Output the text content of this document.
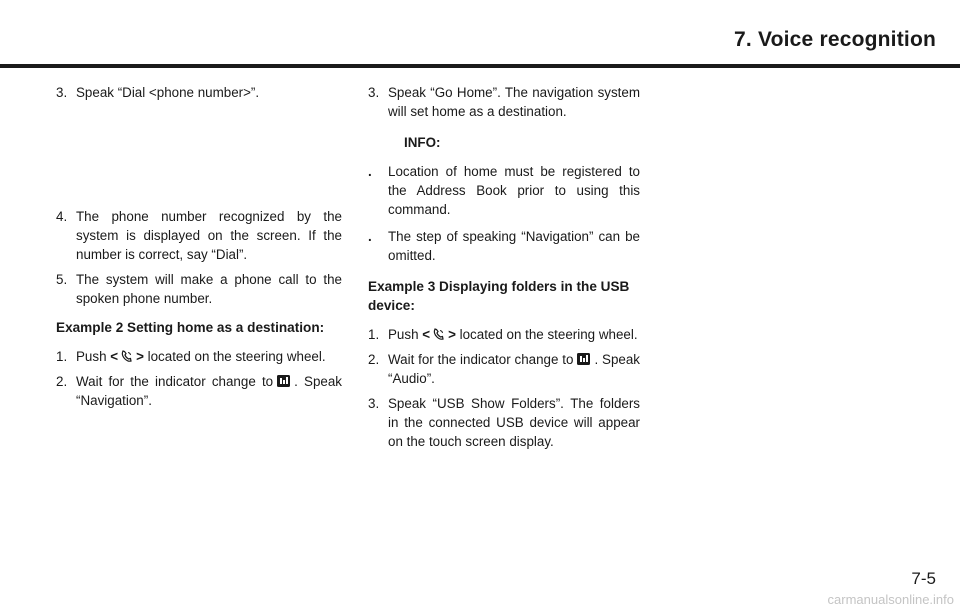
7. Voice recognition
3. Speak “Dial <phone number>”.
4. The phone number recognized by the system is displayed on the screen. If the number is correct, say “Dial”.
5. The system will make a phone call to the spoken phone number.
Example 2 Setting home as a destination:
1. Push < > located on the steering wheel.
2. Wait for the indicator change to . Speak “Navigation”.
3. Speak “Go Home”. The navigation system will set home as a destination.
INFO:
. Location of home must be registered to the Address Book prior to using this command.
. The step of speaking “Navigation” can be omitted.
Example 3 Displaying folders in the USB device:
1. Push < > located on the steering wheel.
2. Wait for the indicator change to . Speak “Audio”.
3. Speak “USB Show Folders”. The folders in the connected USB device will appear on the touch screen display.
7-5
carmanualsonline.info
